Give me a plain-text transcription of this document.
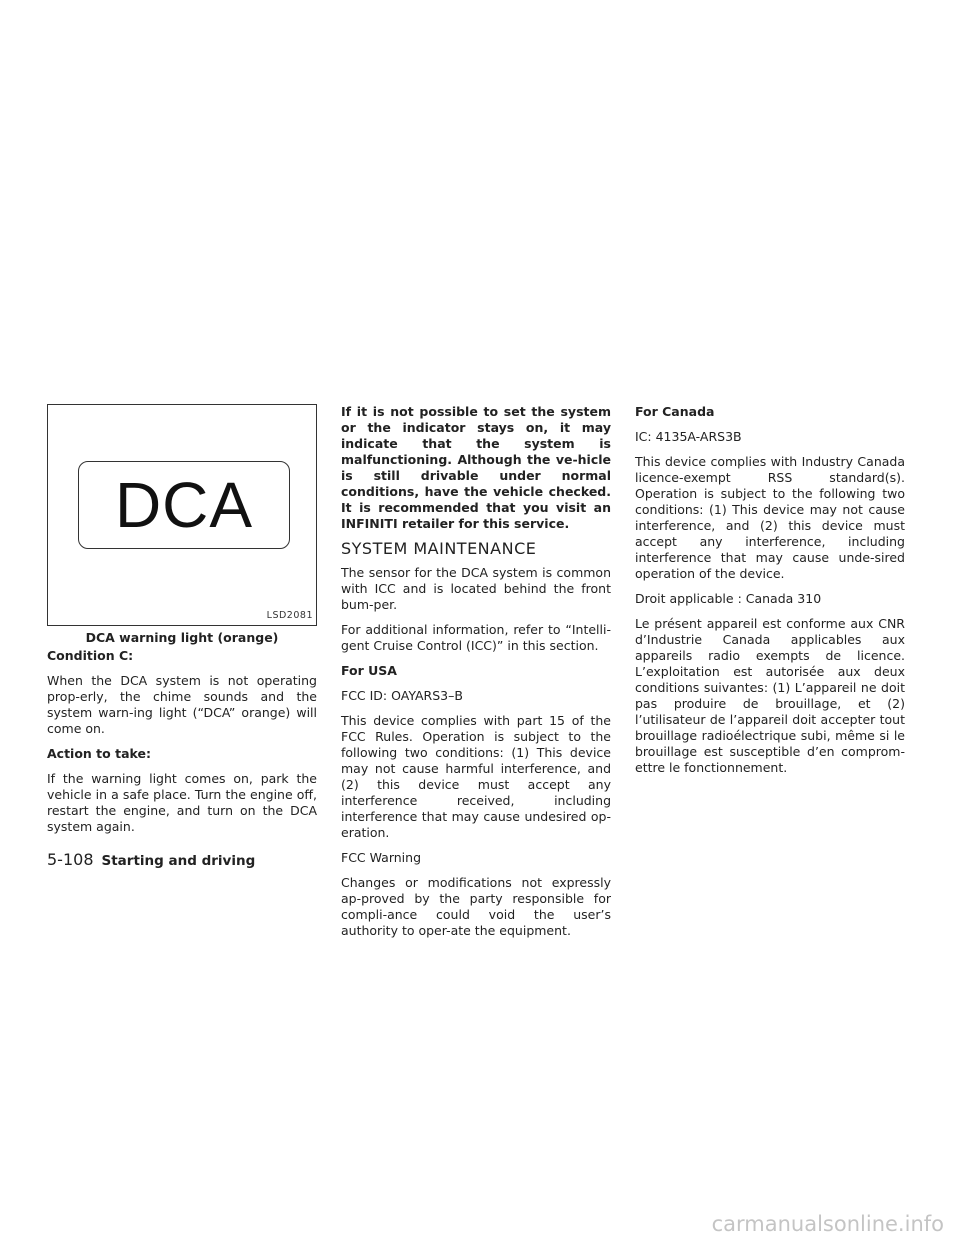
DCA
LSD2081
DCA warning light (orange)

Condition C:

When the DCA system is not operating prop-erly, the chime sounds and the system warn-ing light (“DCA” orange) will come on.

Action to take:

If the warning light comes on, park the vehicle in a safe place. Turn the engine off, restart the engine, and turn on the DCA system again.

If it is not possible to set the system or the indicator stays on, it may indicate that the system is malfunctioning. Although the ve-hicle is still drivable under normal conditions, have the vehicle checked. It is recommended that you visit an INFINITI retailer for this service.

SYSTEM MAINTENANCE

The sensor for the DCA system is common with ICC and is located behind the front bum-per.

For additional information, refer to “Intelli-gent Cruise Control (ICC)” in this section.

For USA

FCC ID: OAYARS3–B

This device complies with part 15 of the FCC Rules. Operation is subject to the following two conditions: (1) This device may not cause harmful interference, and (2) this device must accept any interference received, including interference that may cause undesired op-eration.

FCC Warning

Changes or modifications not expressly ap-proved by the party responsible for compli-ance could void the user’s authority to oper-ate the equipment.

For Canada

IC: 4135A-ARS3B

This device complies with Industry Canada licence-exempt RSS standard(s). Operation is subject to the following two conditions: (1) This device may not cause interference, and (2) this device must accept any interference, including interference that may cause unde-sired operation of the device.

Droit applicable : Canada 310

Le présent appareil est conforme aux CNR d’Industrie Canada applicables aux appareils radio exempts de licence. L’exploitation est autorisée aux deux conditions suivantes: (1) L’appareil ne doit pas produire de brouillage, et (2) l’utilisateur de l’appareil doit accepter tout brouillage radioélectrique subi, même si le brouillage est susceptible d’en comprom-ettre le fonctionnement.

5-108 Starting and driving
carmanualsonline.info
